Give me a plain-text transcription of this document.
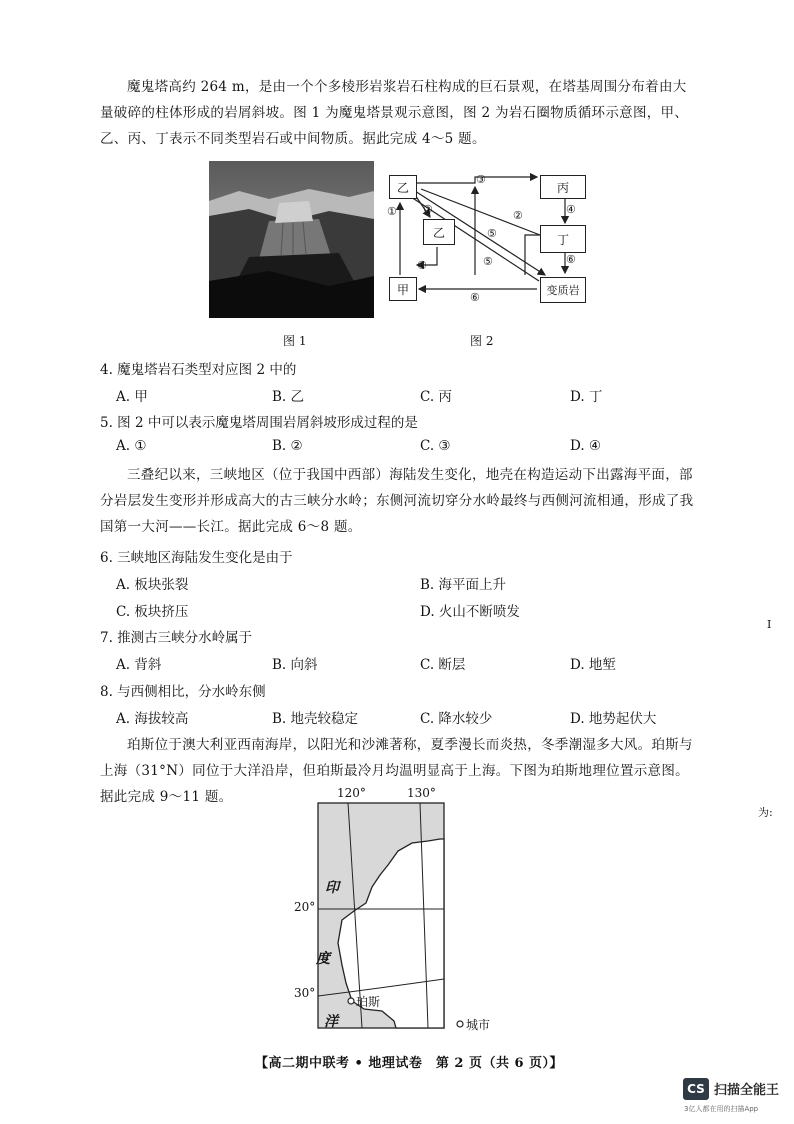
魔鬼塔高约 264 m，是由一个个多棱形岩浆岩石柱构成的巨石景观，在塔基周围分布着由大量破碎的柱体形成的岩屑斜坡。图 1 为魔鬼塔景观示意图，图 2 为岩石圈物质循环示意图，甲、乙、丙、丁表示不同类型岩石或中间物质。据此完成 4～5 题。
图 1
乙
乙
丙
丁
甲	变质岩
①
①
②
③
②	④
⑤
⑤	⑥
⑥
图 2
4. 魔鬼塔岩石类型对应图 2 中的
A. 甲	B. 乙	C. 丙	D. 丁
5. 图 2 中可以表示魔鬼塔周围岩屑斜坡形成过程的是
A. ①	B. ②	C. ③	D. ④
三叠纪以来，三峡地区（位于我国中西部）海陆发生变化，地壳在构造运动下出露海平面，部分岩层发生变形并形成高大的古三峡分水岭；东侧河流切穿分水岭最终与西侧河流相通，形成了我国第一大河——长江。据此完成 6～8 题。
6. 三峡地区海陆发生变化是由于
A. 板块张裂	B. 海平面上升
C. 板块挤压	D. 火山不断喷发
7. 推测古三峡分水岭属于
A. 背斜	B. 向斜	C. 断层	D. 地堑
8. 与西侧相比，分水岭东侧
A. 海拔较高	B. 地壳较稳定	C. 降水较少	D. 地势起伏大
珀斯位于澳大利亚西南海岸，以阳光和沙滩著称，夏季漫长而炎热，冬季潮湿多大风。珀斯与上海（31°N）同位于大洋沿岸，但珀斯最冷月均温明显高于上海。下图为珀斯地理位置示意图。据此完成 9～11 题。	120°	130°
20°
30°
印
度
洋
珀斯
城市
I
为:
【高二期中联考 • 地理试卷　第 2 页（共 6 页）】
CS 扫描全能王
3亿人都在用的扫描App
